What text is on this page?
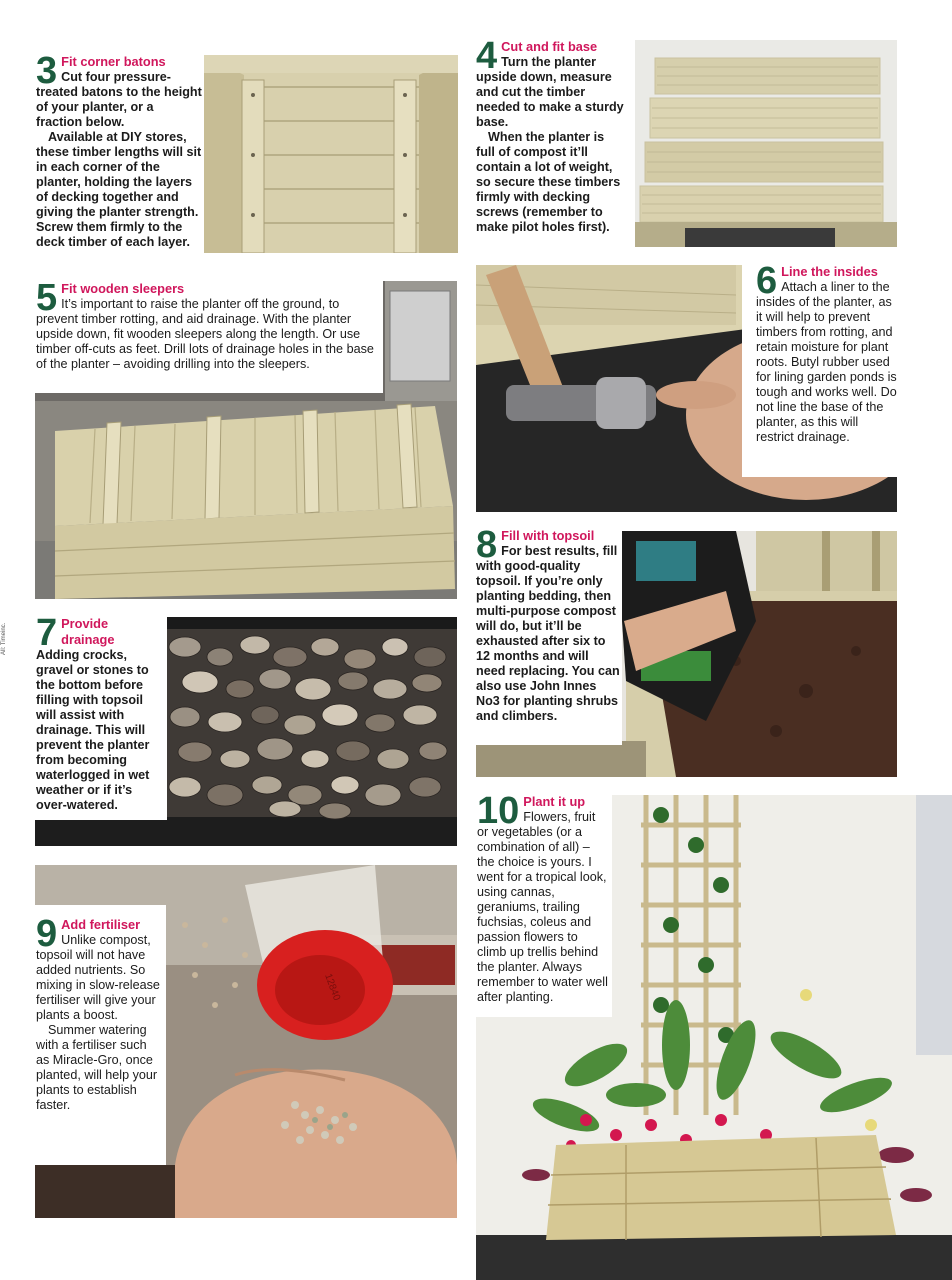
12840
3 Fit corner batons
Cut four pressure-treated batons to the height of your planter, or a fraction below.

Available at DIY stores, these timber lengths will sit in each corner of the planter, holding the layers of decking together and giving the planter strength. Screw them firmly to the deck timber of each layer.

4 Cut and fit base
Turn the planter upside down, measure and cut the timber needed to make a sturdy base.

When the planter is full of compost it’ll contain a lot of weight, so secure these timbers firmly with decking screws (remember to make pilot holes first).

5 Fit wooden sleepers
It’s important to raise the planter off the ground, to prevent timber rotting, and aid drainage. With the planter upside down, fit wooden sleepers along the length. Or use timber off-cuts as feet. Drill lots of drainage holes in the base of the planter – avoiding drilling into the sleepers.
6 Line the insides
Attach a liner to the insides of the planter, as it will help to prevent timbers from rotting, and retain moisture for plant roots. Butyl rubber used for lining garden ponds is tough and works well. Do not line the base of the planter, as this will restrict drainage.
7 Provide drainage
Adding crocks, gravel or stones to the bottom before filling with topsoil will assist with drainage. This will prevent the planter from becoming waterlogged in wet weather or if it’s over-watered.
8 Fill with topsoil
For best results, fill with good-quality topsoil. If you’re only planting bedding, then multi-purpose compost will do, but it’ll be exhausted after six to 12 months and will need replacing. You can also use John Innes No3 for planting shrubs and climbers.
9 Add fertiliser
Unlike compost, topsoil will not have added nutrients. So mixing in slow-release fertiliser will give your plants a boost.

Summer watering with a fertiliser such as Miracle-Gro, once planted, will help your plants to establish faster.

10 Plant it up
Flowers, fruit or vegetables (or a combination of all) – the choice is yours. I went for a tropical look, using cannas, geraniums, trailing fuchsias, coleus and passion flowers to climb up trellis behind the planter. Always remember to water well after planting.
All: Timeinc.
